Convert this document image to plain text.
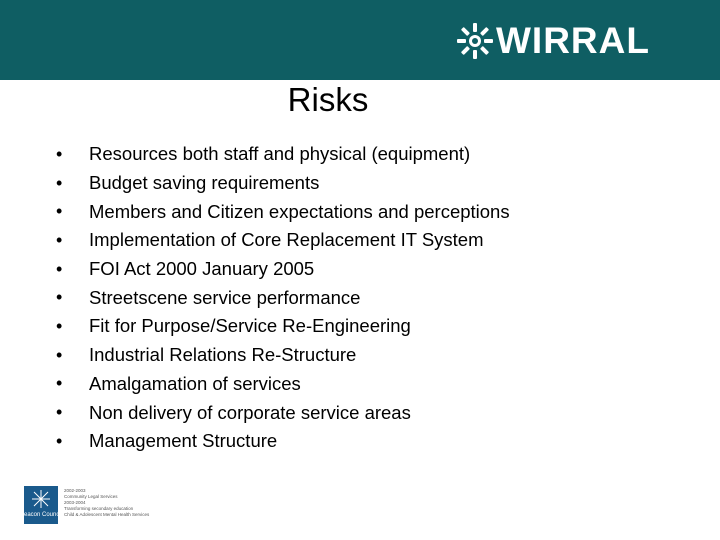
WIRRAL
Risks
•	Resources both staff and physical (equipment)
•	Budget saving requirements
•	Members and Citizen expectations and perceptions
•	Implementation of Core Replacement IT System
•	FOI Act 2000 January 2005
•	Streetscene service performance
•	Fit for Purpose/Service Re-Engineering
•	Industrial Relations Re-Structure
•	Amalgamation of services
•	Non delivery of corporate service areas
•	Management Structure
Beacon Council
2002-2003
Community Legal Services
2003-2004
Transforming secondary education
Child & Adolescent Mental Health Services
